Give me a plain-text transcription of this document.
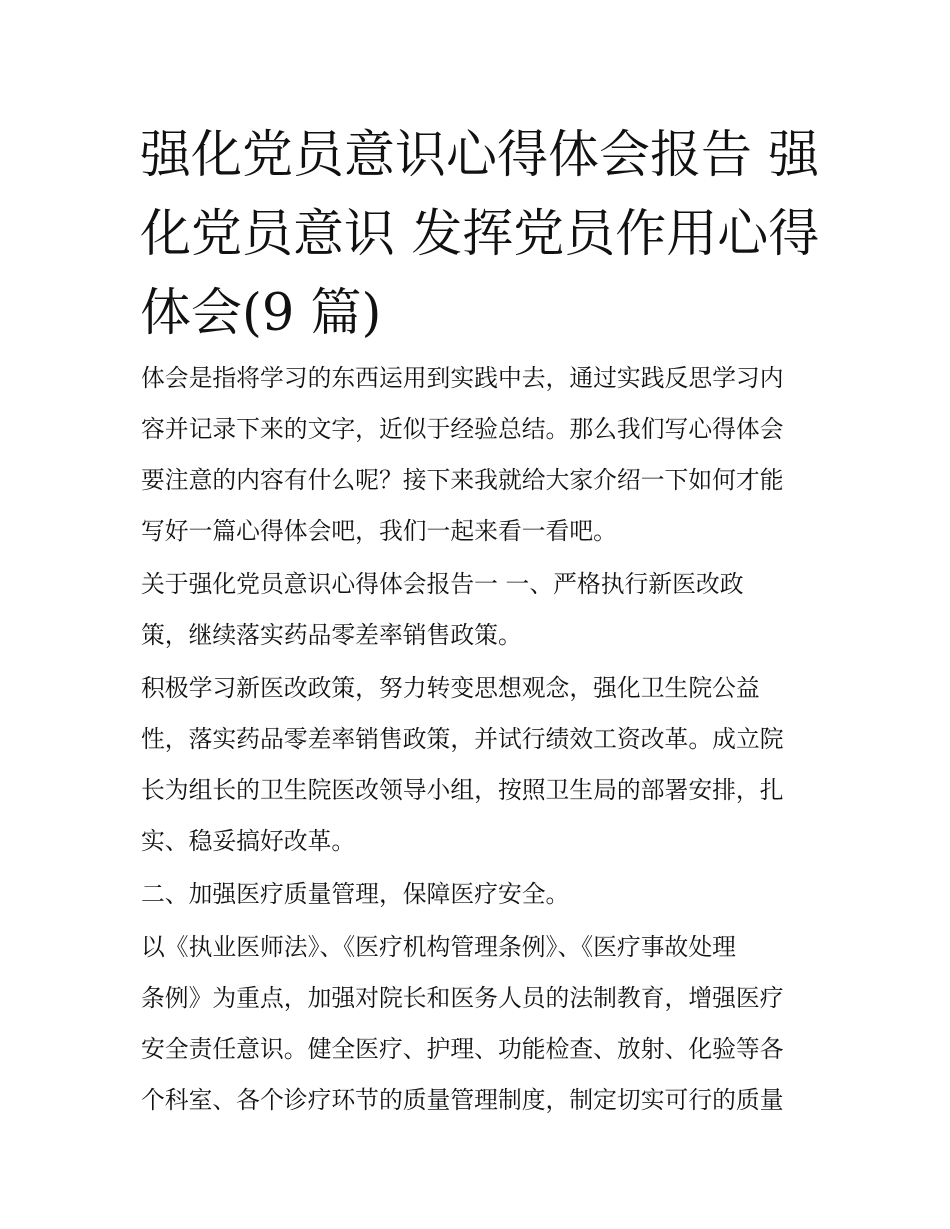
强化党员意识心得体会报告 强
化党员意识 发挥党员作用心得
体会(9 篇)

体会是指将学习的东西运用到实践中去，通过实践反思学习内
容并记录下来的文字，近似于经验总结。那么我们写心得体会
要注意的内容有什么呢？接下来我就给大家介绍一下如何才能
写好一篇心得体会吧，我们一起来看一看吧。

关于强化党员意识心得体会报告一 一、严格执行新医改政
策，继续落实药品零差率销售政策。

积极学习新医改政策，努力转变思想观念，强化卫生院公益
性，落实药品零差率销售政策，并试行绩效工资改革。成立院
长为组长的卫生院医改领导小组，按照卫生局的部署安排，扎
实、稳妥搞好改革。

二、加强医疗质量管理，保障医疗安全。

以《执业医师法》、《医疗机构管理条例》、《医疗事故处理
条例》为重点，加强对院长和医务人员的法制教育，增强医疗
安全责任意识。健全医疗、护理、功能检查、放射、化验等各
个科室、各个诊疗环节的质量管理制度，制定切实可行的质量
